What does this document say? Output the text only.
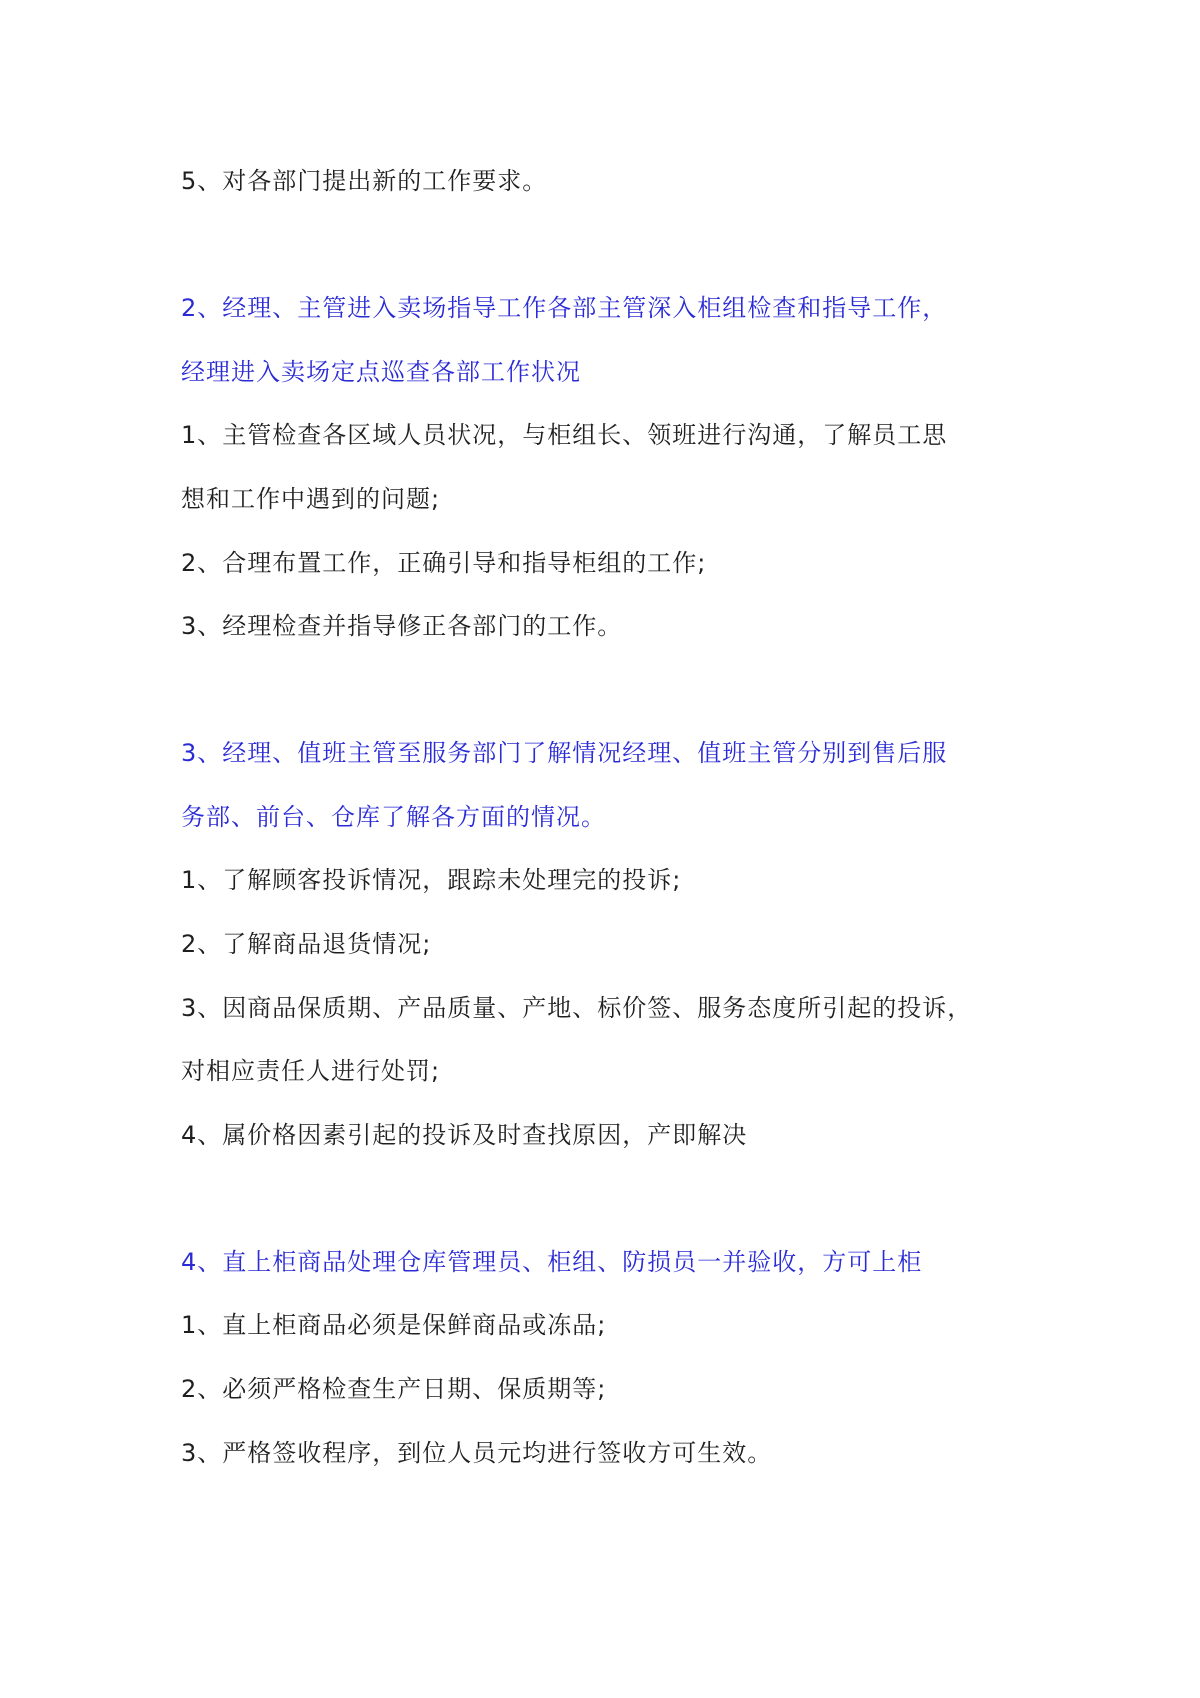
5、对各部门提出新的工作要求。
2、经理、主管进入卖场指导工作各部主管深入柜组检查和指导工作，
经理进入卖场定点巡查各部工作状况
1、主管检查各区域人员状况，与柜组长、领班进行沟通，了解员工思
想和工作中遇到的问题;
2、合理布置工作，正确引导和指导柜组的工作;
3、经理检查并指导修正各部门的工作。
3、经理、值班主管至服务部门了解情况经理、值班主管分别到售后服
务部、前台、仓库了解各方面的情况。
1、了解顾客投诉情况，跟踪未处理完的投诉;
2、了解商品退货情况;
3、因商品保质期、产品质量、产地、标价签、服务态度所引起的投诉，
对相应责任人进行处罚;
4、属价格因素引起的投诉及时查找原因，产即解决
4、直上柜商品处理仓库管理员、柜组、防损员一并验收，方可上柜
1、直上柜商品必须是保鲜商品或冻品;
2、必须严格检查生产日期、保质期等;
3、严格签收程序，到位人员元均进行签收方可生效。
